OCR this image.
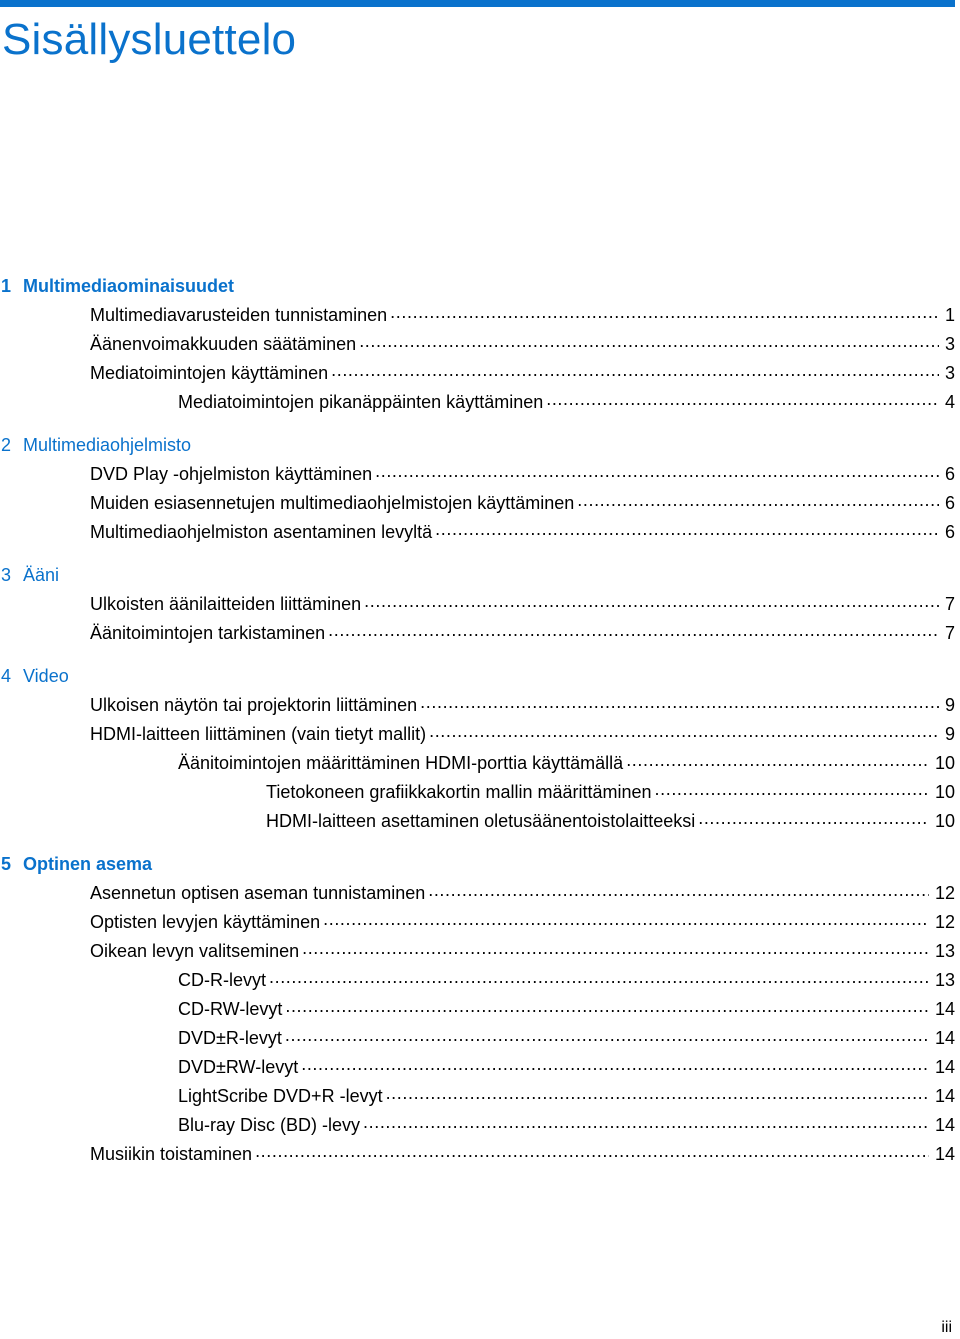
Sisällysluettelo
1 Multimediaominaisuudet
Multimediavarusteiden tunnistaminen .....	1
Äänenvoimakkuuden säätäminen .....	3
Mediatoimintojen käyttäminen .....	3
Mediatoimintojen pikanäppäinten käyttäminen .....	4
2 Multimediaohjelmisto
DVD Play -ohjelmiston käyttäminen .....	6
Muiden esiasennetujen multimediaohjelmistojen käyttäminen .....	6
Multimediaohjelmiston asentaminen levyltä .....	6
3 Ääni
Ulkoisten äänilaitteiden liittäminen .....	7
Äänitoimintojen tarkistaminen .....	7
4 Video
Ulkoisen näytön tai projektorin liittäminen .....	9
HDMI-laitteen liittäminen (vain tietyt mallit) .....	9
Äänitoimintojen määrittäminen HDMI-porttia käyttämällä .....	10
Tietokoneen grafiikkakortin mallin määrittäminen .....	10
HDMI-laitteen asettaminen oletusäänentoistolaitteeksi .....	10
5 Optinen asema
Asennetun optisen aseman tunnistaminen .....	12
Optisten levyjen käyttäminen .....	12
Oikean levyn valitseminen .....	13
CD-R-levyt .....	13
CD-RW-levyt .....	14
DVD±R-levyt .....	14
DVD±RW-levyt .....	14
LightScribe DVD+R -levyt .....	14
Blu-ray Disc (BD) -levy .....	14
Musiikin toistaminen .....	14
iii
